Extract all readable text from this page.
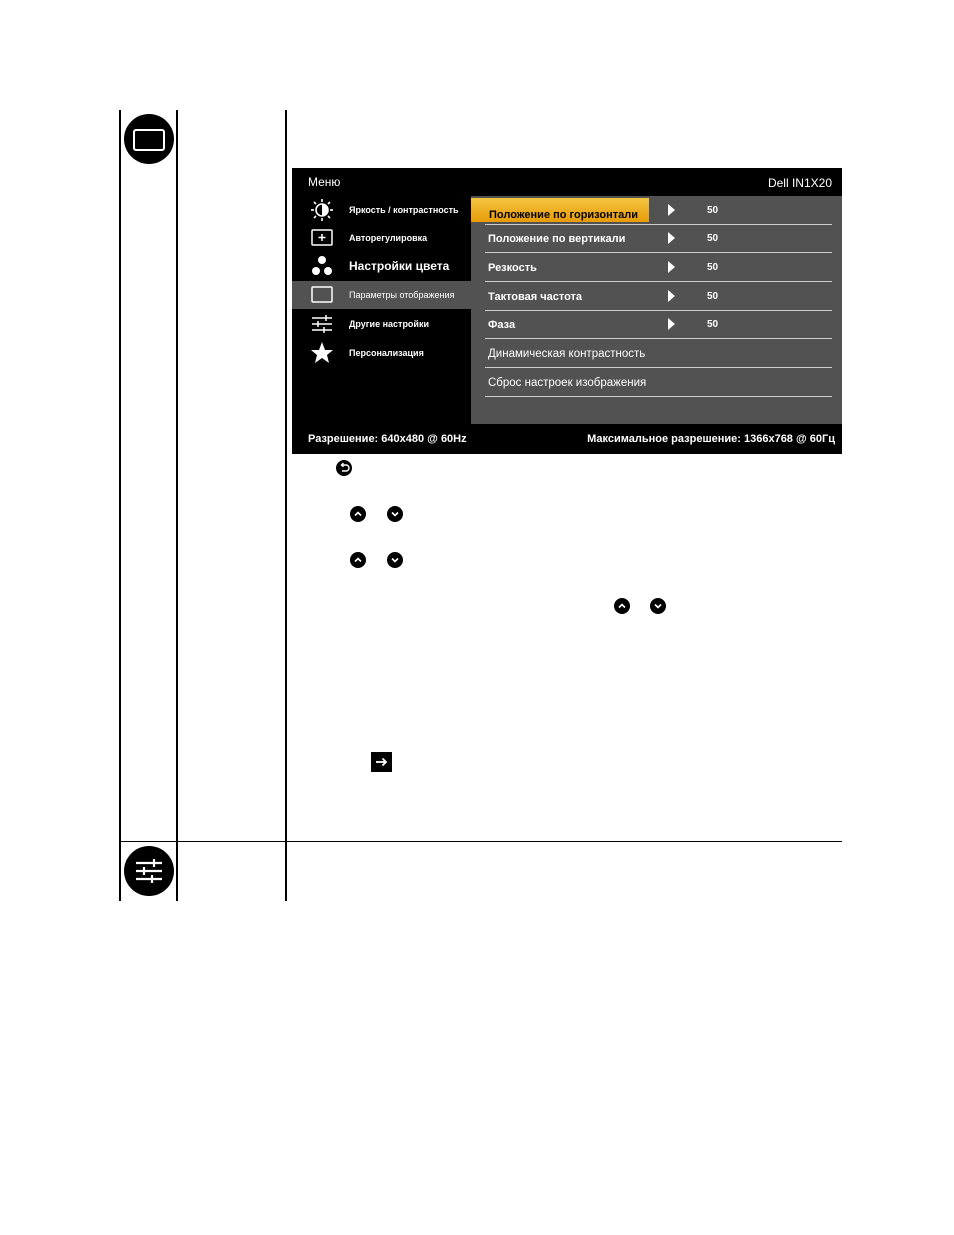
Меню	Dell IN1X20
Яркость / контрастность
Авторегулировка
Настройки цвета
Параметры отображения
Другие настройки
Персонализация
Положение по горизонтали	50
Положение по вертикали	50
Резкость	50
Тактовая частота	50
Фаза	50
Динамическая контрастность
Сброс настроек изображения
Разрешение: 640x480 @ 60Hz	Максимальное разрешение: 1366x768 @ 60Гц
